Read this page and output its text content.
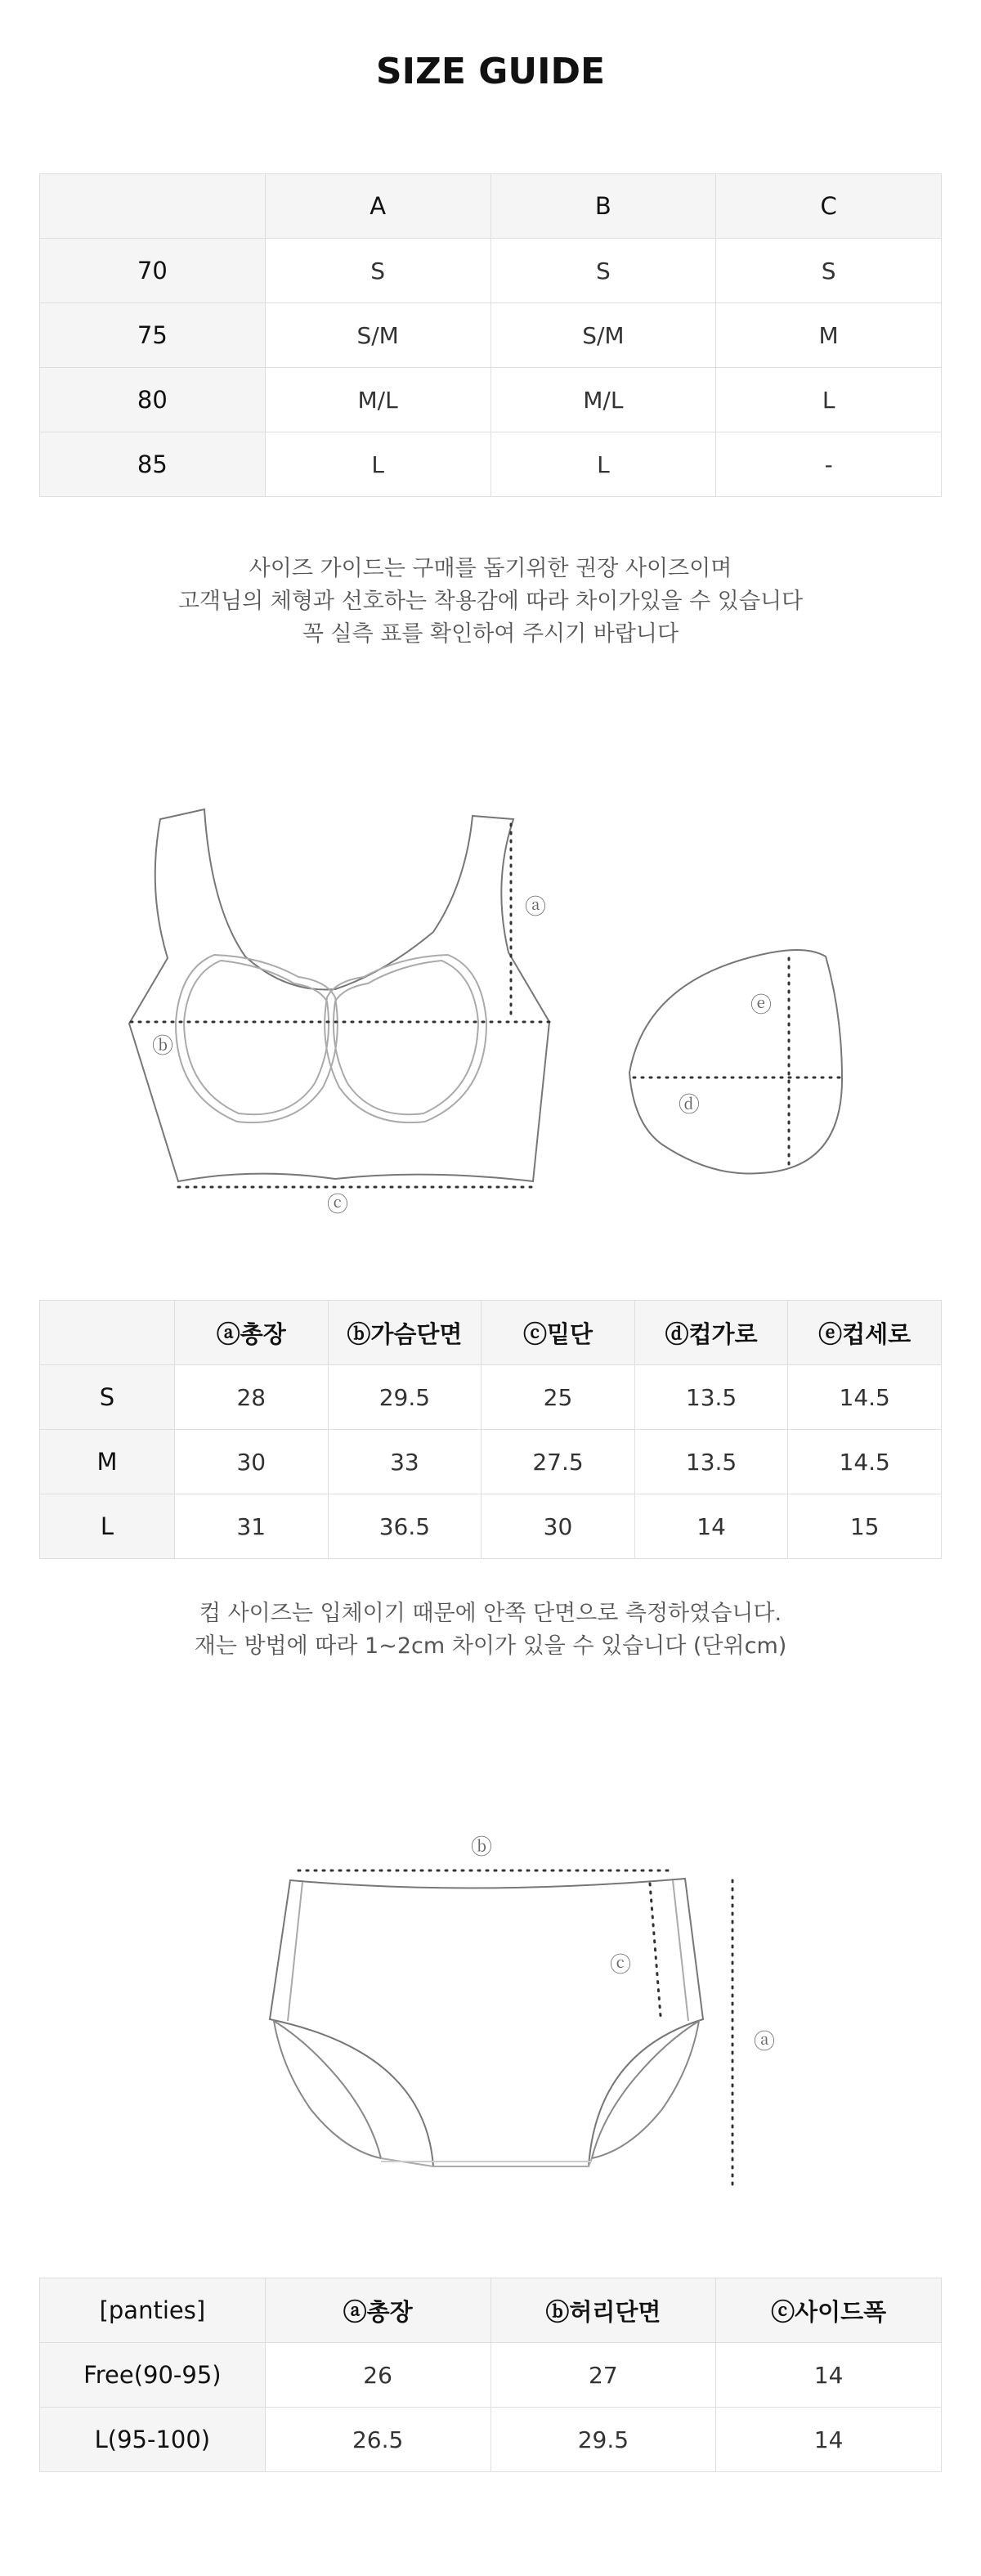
SIZE GUIDE
	A	B	C
70	S	S	S
75	S/M	S/M	M
80	M/L	M/L	L
85	L	L	-
사이즈 가이드는 구매를 돕기위한 권장 사이즈이며
고객님의 체형과 선호하는 착용감에 따라 차이가있을 수 있습니다
꼭 실측 표를 확인하여 주시기 바랍니다
ⓐ
ⓑ
ⓒ
ⓓ
ⓔ
	ⓐ총장	ⓑ가슴단면	ⓒ밑단	ⓓ컵가로	ⓔ컵세로
S	28	29.5	25	13.5	14.5
M	30	33	27.5	13.5	14.5
L	31	36.5	30	14	15
컵 사이즈는 입체이기 때문에 안쪽 단면으로 측정하였습니다.
재는 방법에 따라 1~2cm 차이가 있을 수 있습니다 (단위cm)
ⓑ
ⓒ
ⓐ
[panties]	ⓐ총장	ⓑ허리단면	ⓒ사이드폭
Free(90-95)	26	27	14
L(95-100)	26.5	29.5	14
